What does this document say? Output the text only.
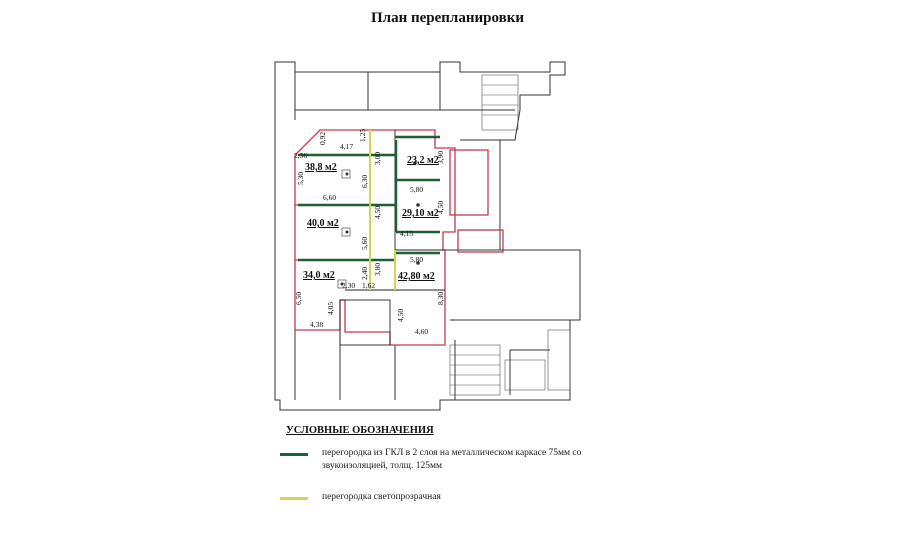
План перепланировки
38,8 м2
23,2 м2
40,0 м2
29,10 м2
34,0 м2	42,80 м2
4,17
1,25
0,92
2,56
5,30
6,60
3,00
6,30
3,90
5,80
4,50
5,60
4,50
4,15
5,80
2,40 3,80
2,30 1,62
6,50
4,05
4,38
8,30
4,50
4,60
УСЛОВНЫЕ ОБОЗНАЧЕНИЯ
перегородка из ГКЛ в 2 слоя на металлическом каркасе 75мм со звукоизоляцией, толщ. 125мм
перегородка светопрозрачная
